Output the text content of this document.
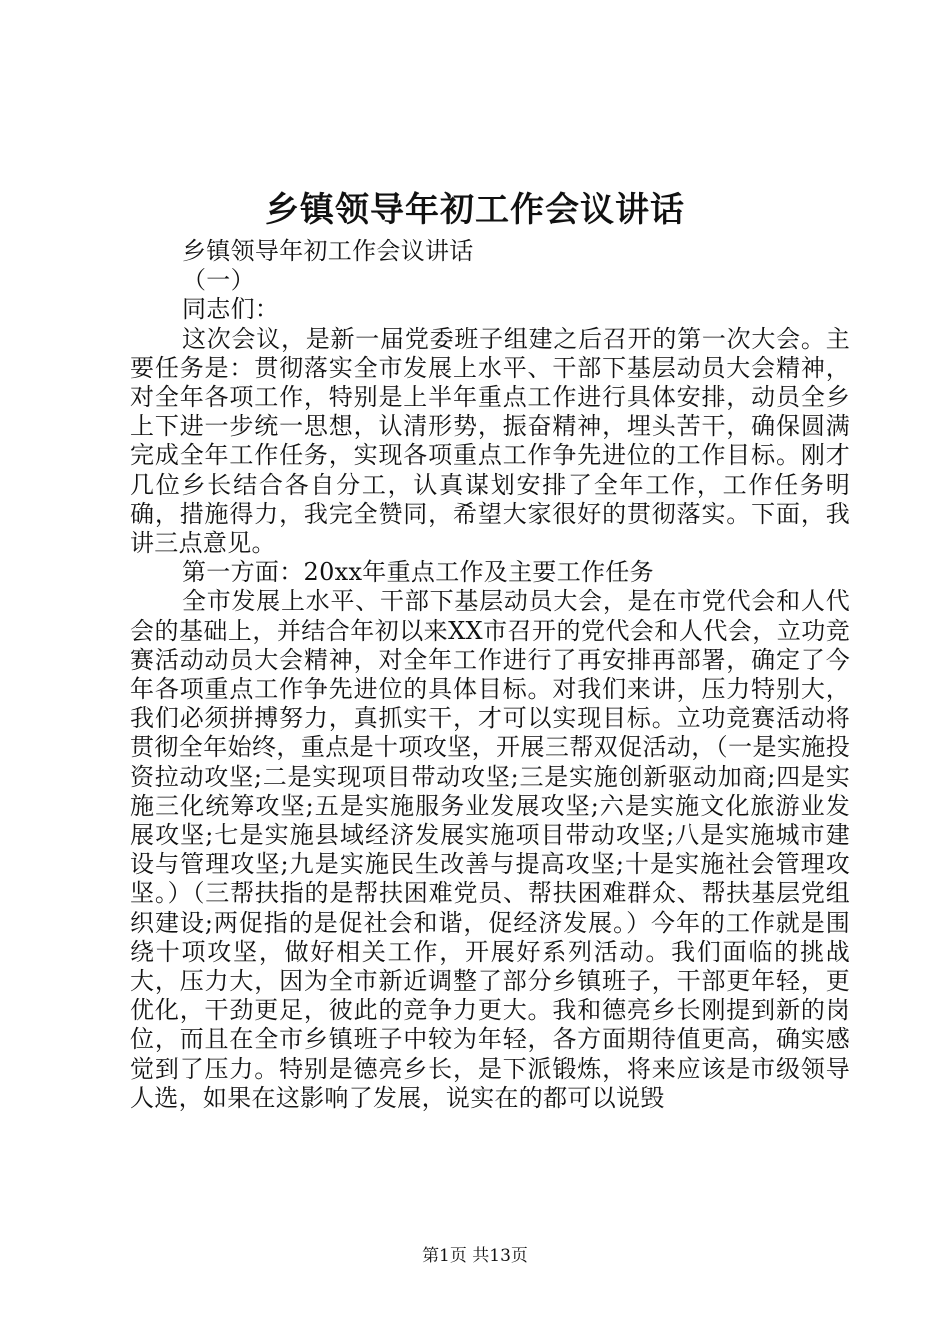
乡镇领导年初工作会议讲话

乡镇领导年初工作会议讲话

（一）

同志们：

这次会议，是新一届党委班子组建之后召开的第一次大会。主要任务是：贯彻落实全市发展上水平、干部下基层动员大会精神，对全年各项工作，特别是上半年重点工作进行具体安排，动员全乡上下进一步统一思想，认清形势，振奋精神，埋头苦干，确保圆满完成全年工作任务，实现各项重点工作争先进位的工作目标。刚才几位乡长结合各自分工，认真谋划安排了全年工作，工作任务明确，措施得力，我完全赞同，希望大家很好的贯彻落实。下面，我讲三点意见。

第一方面：20xx年重点工作及主要工作任务

全市发展上水平、干部下基层动员大会，是在市党代会和人代会的基础上，并结合年初以来XX市召开的党代会和人代会，立功竞赛活动动员大会精神，对全年工作进行了再安排再部署，确定了今年各项重点工作争先进位的具体目标。对我们来讲，压力特别大，我们必须拼搏努力，真抓实干，才可以实现目标。立功竞赛活动将贯彻全年始终，重点是十项攻坚，开展三帮双促活动，（一是实施投资拉动攻坚;二是实现项目带动攻坚;三是实施创新驱动加商;四是实施三化统筹攻坚;五是实施服务业发展攻坚;六是实施文化旅游业发展攻坚;七是实施县域经济发展实施项目带动攻坚;八是实施城市建设与管理攻坚;九是实施民生改善与提高攻坚;十是实施社会管理攻坚。）（三帮扶指的是帮扶困难党员、帮扶困难群众、帮扶基层党组织建设;两促指的是促社会和谐，促经济发展。）今年的工作就是围绕十项攻坚，做好相关工作，开展好系列活动。我们面临的挑战大，压力大，因为全市新近调整了部分乡镇班子，干部更年轻，更优化，干劲更足，彼此的竞争力更大。我和德亮乡长刚提到新的岗位，而且在全市乡镇班子中较为年轻，各方面期待值更高，确实感觉到了压力。特别是德亮乡长，是下派锻炼，将来应该是市级领导人选，如果在这影响了发展，说实在的都可以说毁

第1页 共13页
